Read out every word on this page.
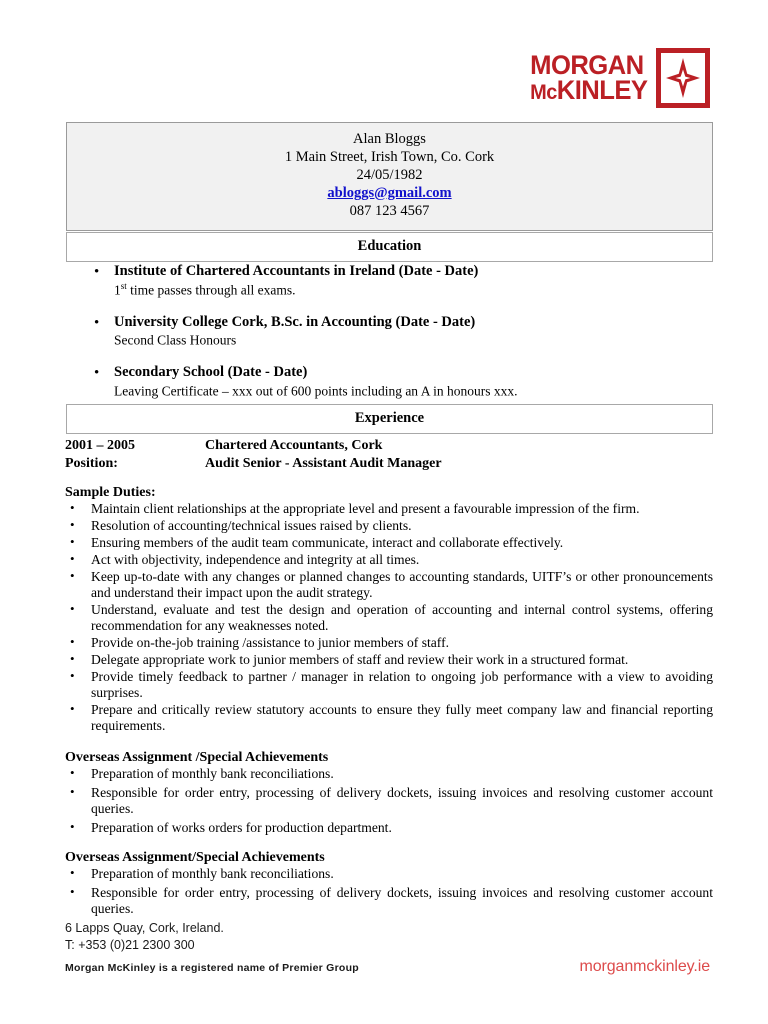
MORGAN
McKINLEY
Alan Bloggs
1 Main Street, Irish Town, Co. Cork
24/05/1982
abloggs@gmail.com
087 123 4567
Education
• Institute of Chartered Accountants in Ireland (Date - Date)
1st time passes through all exams.
• University College Cork, B.Sc. in Accounting (Date - Date)
Second Class Honours
• Secondary School (Date - Date)
Leaving Certificate – xxx out of 600 points including an A in honours xxx.
Experience
2001 – 2005	Chartered Accountants, Cork
Position:	Audit Senior - Assistant Audit Manager
Sample Duties:
• Maintain client relationships at the appropriate level and present a favourable impression of the firm.
• Resolution of accounting/technical issues raised by clients.
• Ensuring members of the audit team communicate, interact and collaborate effectively.
• Act with objectivity, independence and integrity at all times.
• Keep up-to-date with any changes or planned changes to accounting standards, UITF’s or other pronouncements and understand their impact upon the audit strategy.
• Understand, evaluate and test the design and operation of accounting and internal control systems, offering recommendation for any weaknesses noted.
• Provide on-the-job training /assistance to junior members of staff.
• Delegate appropriate work to junior members of staff and review their work in a structured format.
• Provide timely feedback to partner / manager in relation to ongoing job performance with a view to avoiding surprises.
• Prepare and critically review statutory accounts to ensure they fully meet company law and financial reporting requirements.
Overseas Assignment /Special Achievements
• Preparation of monthly bank reconciliations.
• Responsible for order entry, processing of delivery dockets, issuing invoices and resolving customer account queries.
• Preparation of works orders for production department.
Overseas Assignment/Special Achievements
• Preparation of monthly bank reconciliations.
• Responsible for order entry, processing of delivery dockets, issuing invoices and resolving customer account queries.
6 Lapps Quay, Cork, Ireland.
T: +353 (0)21 2300 300
Morgan McKinley is a registered name of Premier Group	morganmckinley.ie
